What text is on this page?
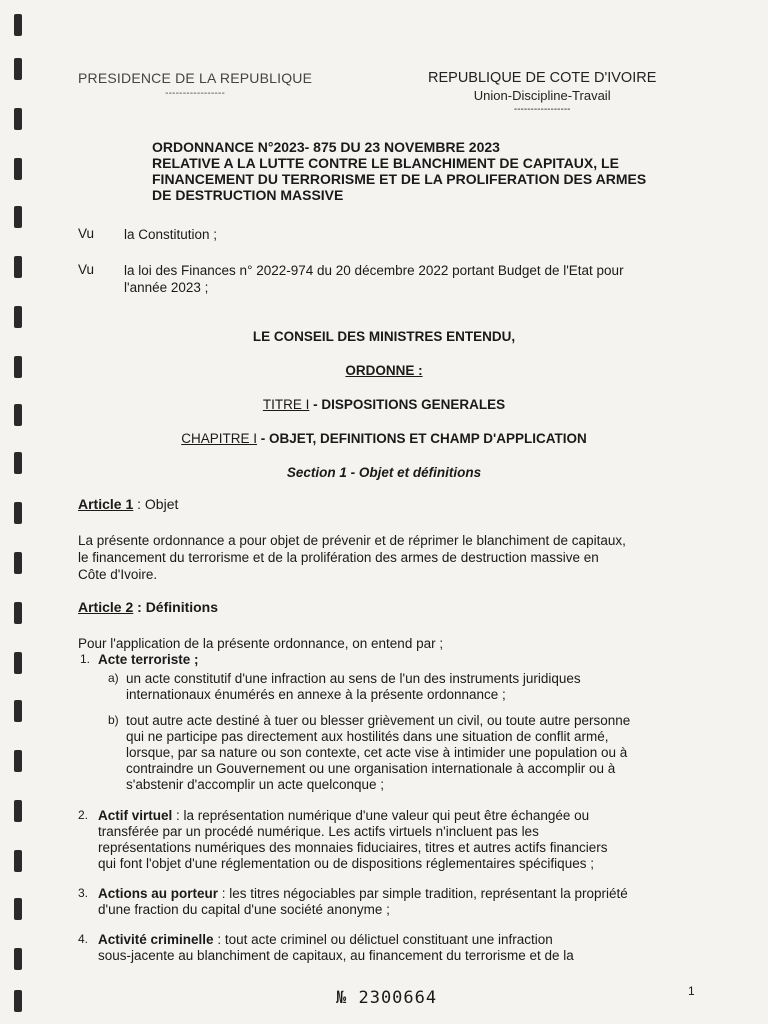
PRESIDENCE DE LA REPUBLIQUE
-----------------
REPUBLIQUE DE COTE D'IVOIRE
Union-Discipline-Travail
-----------------
ORDONNANCE N°2023- 875 DU 23 NOVEMBRE 2023
RELATIVE A LA LUTTE CONTRE LE BLANCHIMENT DE CAPITAUX, LE
FINANCEMENT DU TERRORISME ET DE LA PROLIFERATION DES ARMES
DE DESTRUCTION MASSIVE
Vu la Constitution ;
Vu la loi des Finances n° 2022-974 du 20 décembre 2022 portant Budget de l'Etat pour
l'année 2023 ;
LE CONSEIL DES MINISTRES ENTENDU,
ORDONNE :
TITRE I - DISPOSITIONS GENERALES
CHAPITRE I - OBJET, DEFINITIONS ET CHAMP D'APPLICATION
Section 1 - Objet et définitions
Article 1 : Objet
La présente ordonnance a pour objet de prévenir et de réprimer le blanchiment de capitaux,
le financement du terrorisme et de la prolifération des armes de destruction massive en
Côte d'Ivoire.
Article 2 : Définitions
Pour l'application de la présente ordonnance, on entend par ;
1. Acte terroriste ;
a) un acte constitutif d'une infraction au sens de l'un des instruments juridiques
internationaux énumérés en annexe à la présente ordonnance ;
b) tout autre acte destiné à tuer ou blesser grièvement un civil, ou toute autre personne
qui ne participe pas directement aux hostilités dans une situation de conflit armé,
lorsque, par sa nature ou son contexte, cet acte vise à intimider une population ou à
contraindre un Gouvernement ou une organisation internationale à accomplir ou à
s'abstenir d'accomplir un acte quelconque ;
2. Actif virtuel : la représentation numérique d'une valeur qui peut être échangée ou
transférée par un procédé numérique. Les actifs virtuels n'incluent pas les
représentations numériques des monnaies fiduciaires, titres et autres actifs financiers
qui font l'objet d'une réglementation ou de dispositions réglementaires spécifiques ;
3. Actions au porteur : les titres négociables par simple tradition, représentant la propriété
d'une fraction du capital d'une société anonyme ;
4. Activité criminelle : tout acte criminel ou délictuel constituant une infraction
sous-jacente au blanchiment de capitaux, au financement du terrorisme et de la
№ 2300664	1
